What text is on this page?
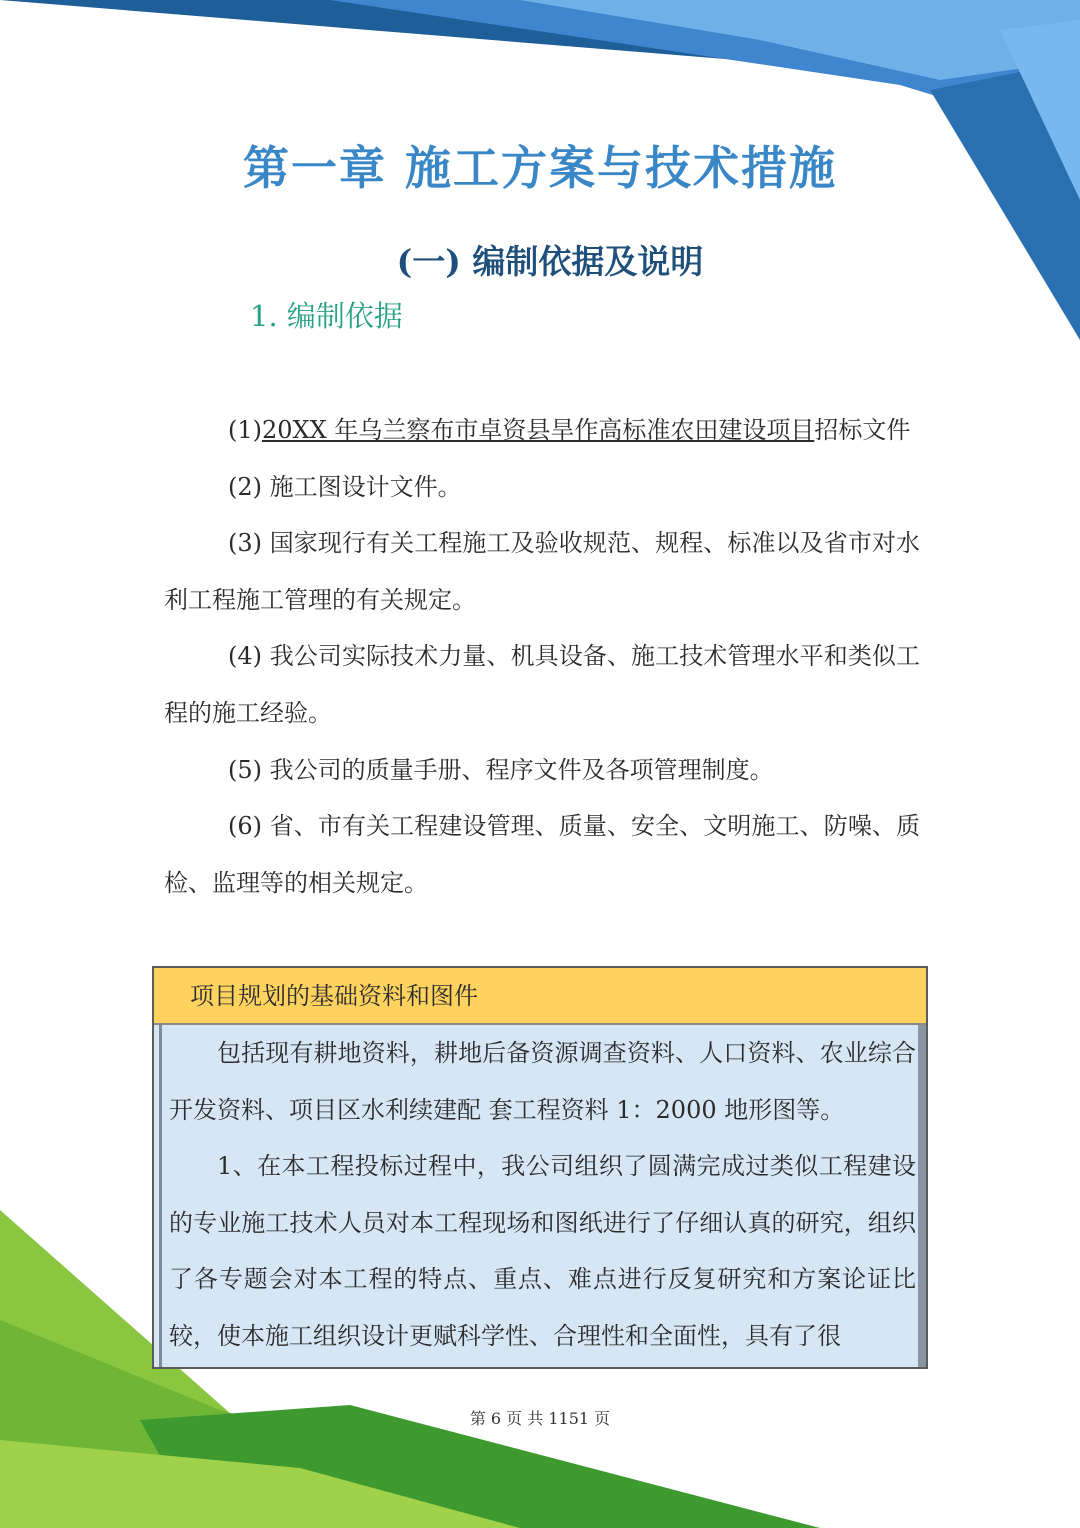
第一章 施工方案与技术措施
(一) 编制依据及说明
1. 编制依据

(1)20XX 年乌兰察布市卓资县旱作高标准农田建设项目招标文件

(2) 施工图设计文件。

(3) 国家现行有关工程施工及验收规范、规程、标准以及省市对水利工程施工管理的有关规定。

(4) 我公司实际技术力量、机具设备、施工技术管理水平和类似工程的施工经验。

(5) 我公司的质量手册、程序文件及各项管理制度。

(6) 省、市有关工程建设管理、质量、安全、文明施工、防噪、质检、监理等的相关规定。

项目规划的基础资料和图件

包括现有耕地资料，耕地后备资源调查资料、人口资料、农业综合开发资料、项目区水利续建配 套工程资料 1：2000 地形图等。

1、在本工程投标过程中，我公司组织了圆满完成过类似工程建设的专业施工技术人员对本工程现场和图纸进行了仔细认真的研究，组织了各专题会对本工程的特点、重点、难点进行反复研究和方案论证比较，使本施工组织设计更赋科学性、合理性和全面性，具有了很

第 6 页 共 1151 页
小红书
小红书号：4139469692
